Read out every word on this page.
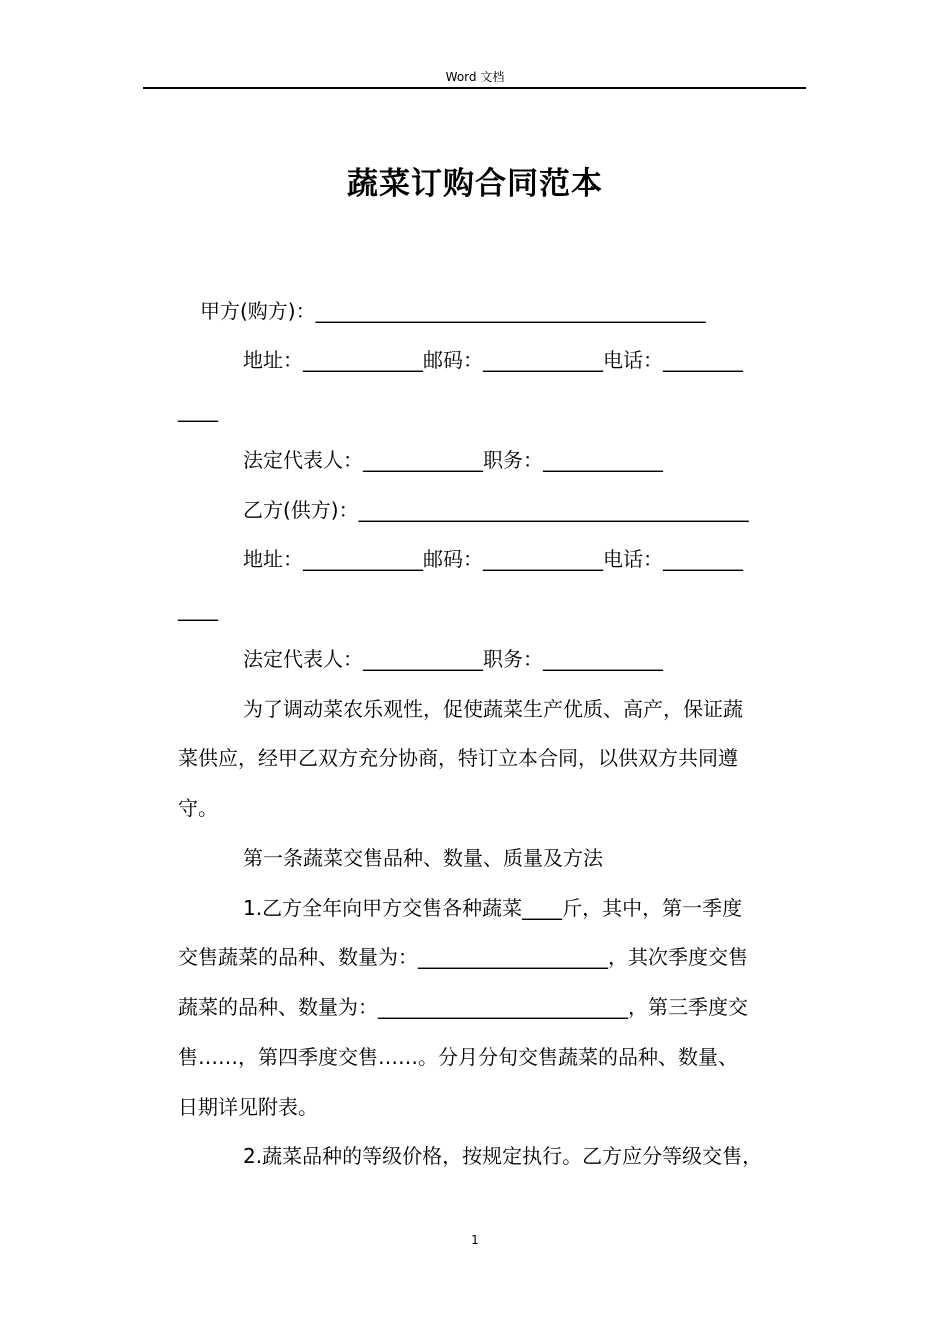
Word 文档
蔬菜订购合同范本
甲方(购方)：_______________________________________
地址：____________邮码：____________电话：________
____
法定代表人：____________职务：____________
乙方(供方)：_______________________________________
地址：____________邮码：____________电话：________
____
法定代表人：____________职务：____________
为了调动菜农乐观性，促使蔬菜生产优质、高产，保证蔬
菜供应，经甲乙双方充分协商，特订立本合同，以供双方共同遵
守。
第一条蔬菜交售品种、数量、质量及方法
1.乙方全年向甲方交售各种蔬菜____斤，其中，第一季度
交售蔬菜的品种、数量为：___________________，其次季度交售
蔬菜的品种、数量为：_________________________，第三季度交
售……，第四季度交售……。分月分旬交售蔬菜的品种、数量、
日期详见附表。
2.蔬菜品种的等级价格，按规定执行。乙方应分等级交售，
1
